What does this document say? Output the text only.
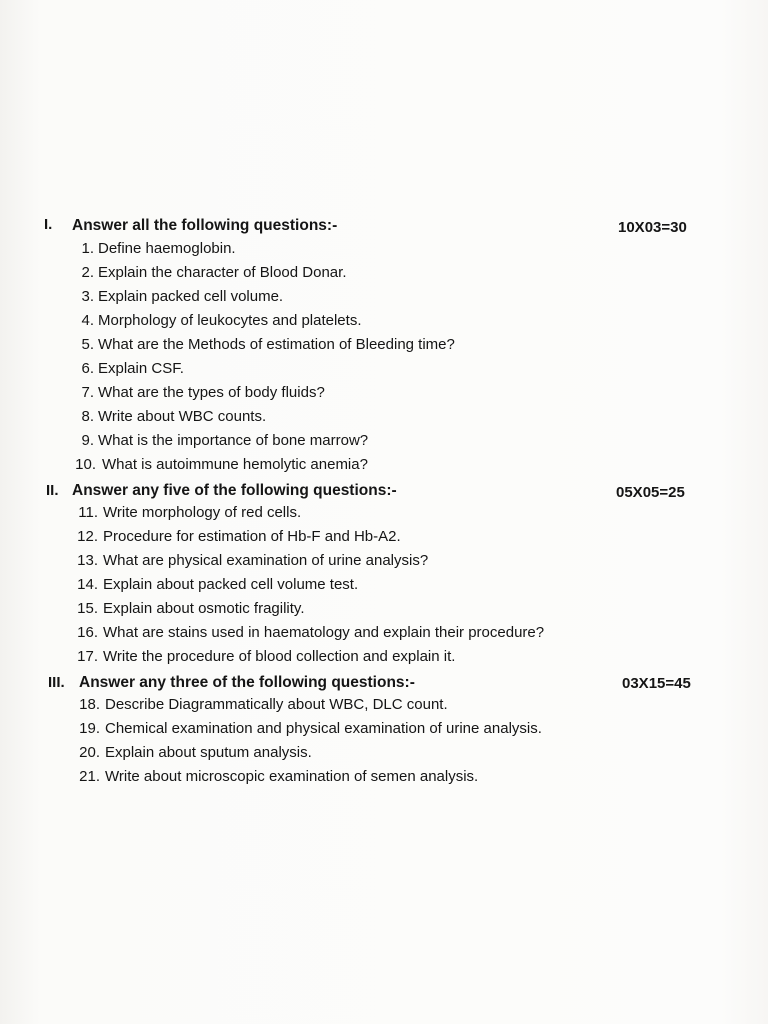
I. Answer all the following questions:-	10X03=30
1. Define haemoglobin.
2. Explain the character of Blood Donar.
3. Explain packed cell volume.
4. Morphology of leukocytes and platelets.
5. What are the Methods of estimation of Bleeding time?
6. Explain CSF.
7. What are the types of body fluids?
8. Write about WBC counts.
9. What is the importance of bone marrow?
10. What is autoimmune hemolytic anemia?
II. Answer any five of the following questions:-	05X05=25
11. Write morphology of red cells.
12. Procedure for estimation of Hb-F and Hb-A2.
13. What are physical examination of urine analysis?
14. Explain about packed cell volume test.
15. Explain about osmotic fragility.
16. What are stains used in haematology and explain their procedure?
17. Write the procedure of blood collection and explain it.
III. Answer any three of the following questions:-	03X15=45
18. Describe Diagrammatically about WBC, DLC count.
19. Chemical examination and physical examination of urine analysis.
20. Explain about sputum analysis.
21. Write about microscopic examination of semen analysis.
